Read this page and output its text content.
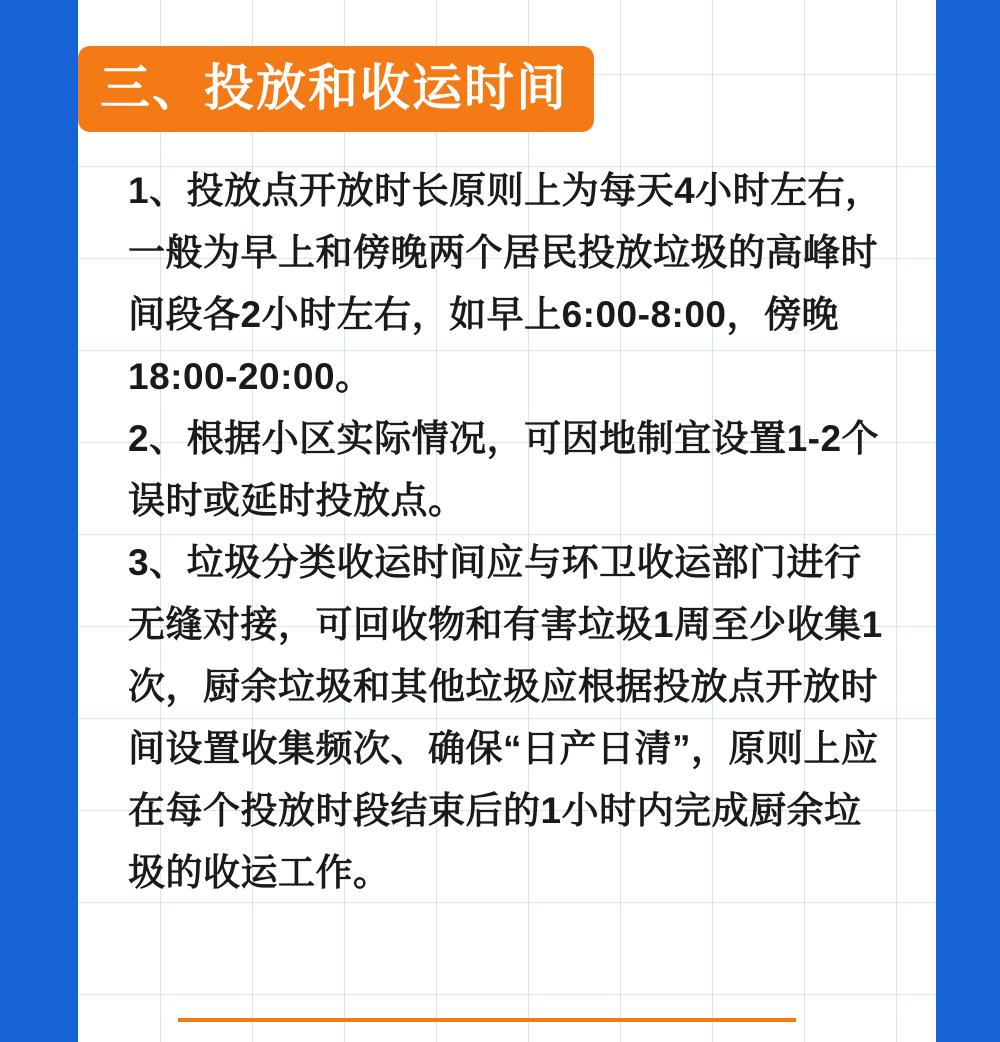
三、投放和收运时间

1、投放点开放时长原则上为每天4小时左右，一般为早上和傍晚两个居民投放垃圾的高峰时间段各2小时左右，如早上6:00-8:00，傍晚18:00-20:00。

2、根据小区实际情况，可因地制宜设置1-2个误时或延时投放点。

3、垃圾分类收运时间应与环卫收运部门进行无缝对接，可回收物和有害垃圾1周至少收集1次，厨余垃圾和其他垃圾应根据投放点开放时间设置收集频次、确保“日产日清”，原则上应在每个投放时段结束后的1小时内完成厨余垃圾的收运工作。
